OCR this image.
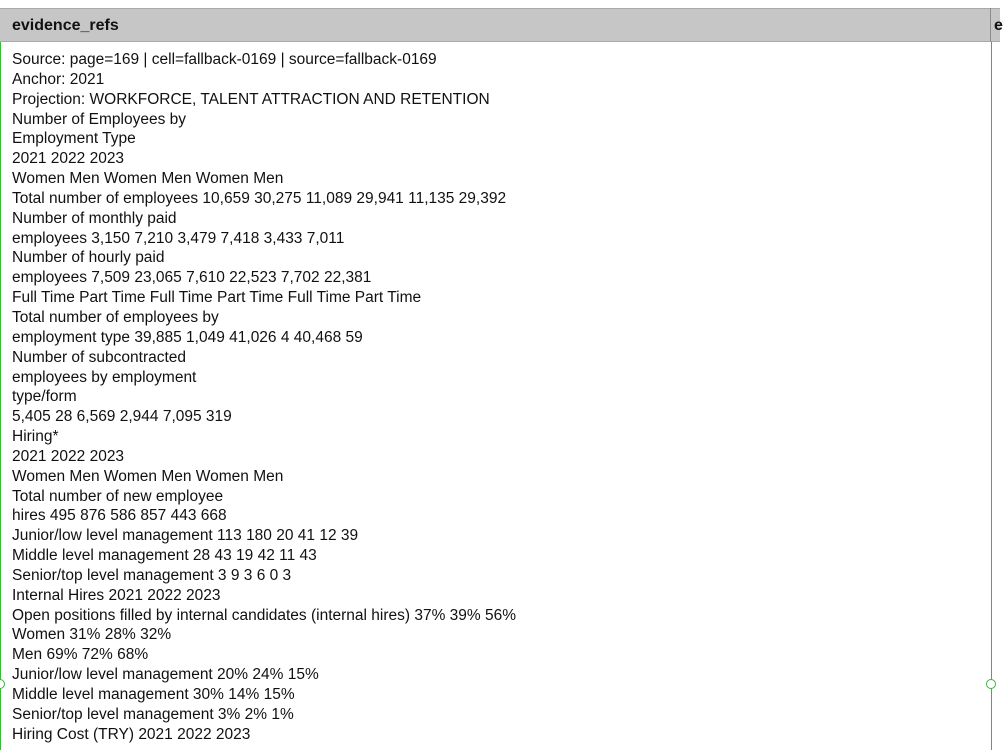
evidence_refs	e
Source: page=169 | cell=fallback-0169 | source=fallback-0169
Anchor: 2021
Projection: WORKFORCE, TALENT ATTRACTION AND RETENTION
Number of Employees by
Employment Type
2021 2022 2023
Women Men Women Men Women Men
Total number of employees 10,659 30,275 11,089 29,941 11,135 29,392
Number of monthly paid
employees 3,150 7,210 3,479 7,418 3,433 7,011
Number of hourly paid
employees 7,509 23,065 7,610 22,523 7,702 22,381
Full Time Part Time Full Time Part Time Full Time Part Time
Total number of employees by
employment type 39,885 1,049 41,026 4 40,468 59
Number of subcontracted
employees by employment
type/form
5,405 28 6,569 2,944 7,095 319
Hiring*
2021 2022 2023
Women Men Women Men Women Men
Total number of new employee
hires 495 876 586 857 443 668
Junior/low level management 113 180 20 41 12 39
Middle level management 28 43 19 42 11 43
Senior/top level management 3 9 3 6 0 3
Internal Hires 2021 2022 2023
Open positions filled by internal candidates (internal hires) 37% 39% 56%
Women 31% 28% 32%
Men 69% 72% 68%
Junior/low level management 20% 24% 15%
Middle level management 30% 14% 15%
Senior/top level management 3% 2% 1%
Hiring Cost (TRY) 2021 2022 2023
